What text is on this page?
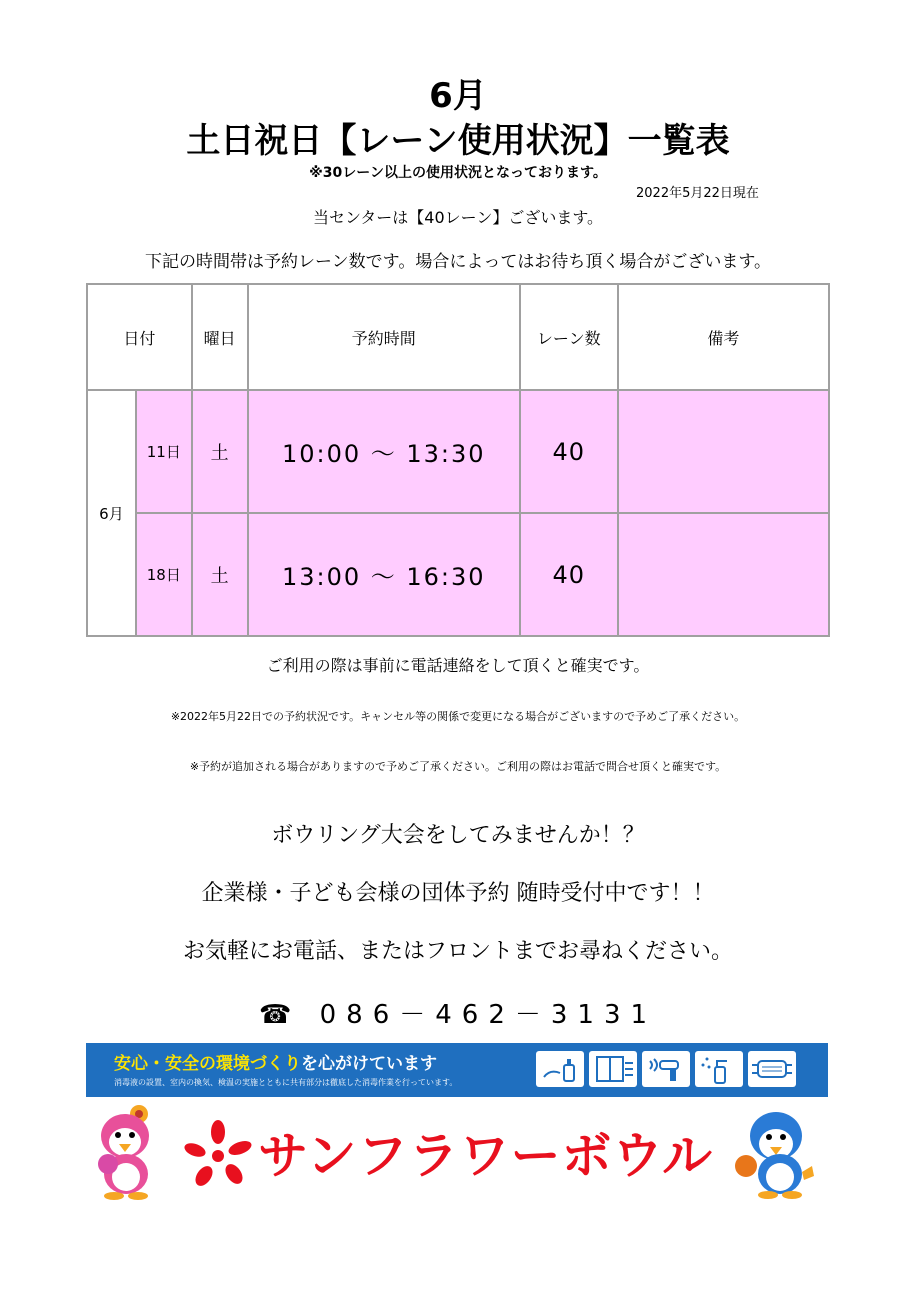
6月
土日祝日【レーン使用状況】一覧表
※30レーン以上の使用状況となっております。
2022年5月22日現在
当センターは【40レーン】ございます。
下記の時間帯は予約レーン数です。場合によってはお待ち頂く場合がございます。
日付		曜日	予約時間	レーン数	備考
6月	11日	土	10:00 ～ 13:30	40	
	18日	土	13:00 ～ 16:30	40	
ご利用の際は事前に電話連絡をして頂くと確実です。
※2022年5月22日での予約状況です。キャンセル等の関係で変更になる場合がございますので予めご了承ください。
※予約が追加される場合がありますので予めご了承ください。ご利用の際はお電話で問合せ頂くと確実です。
ボウリング大会をしてみませんか！？
企業様・子ども会様の団体予約 随時受付中です！！
お気軽にお電話、またはフロントまでお尋ねください。
☎ 086－462－3131
安心・安全の環境づくりを心がけています
消毒液の設置、室内の換気、検温の実施とともに共有部分は徹底した消毒作業を行っています。
サンフラワーボウル
